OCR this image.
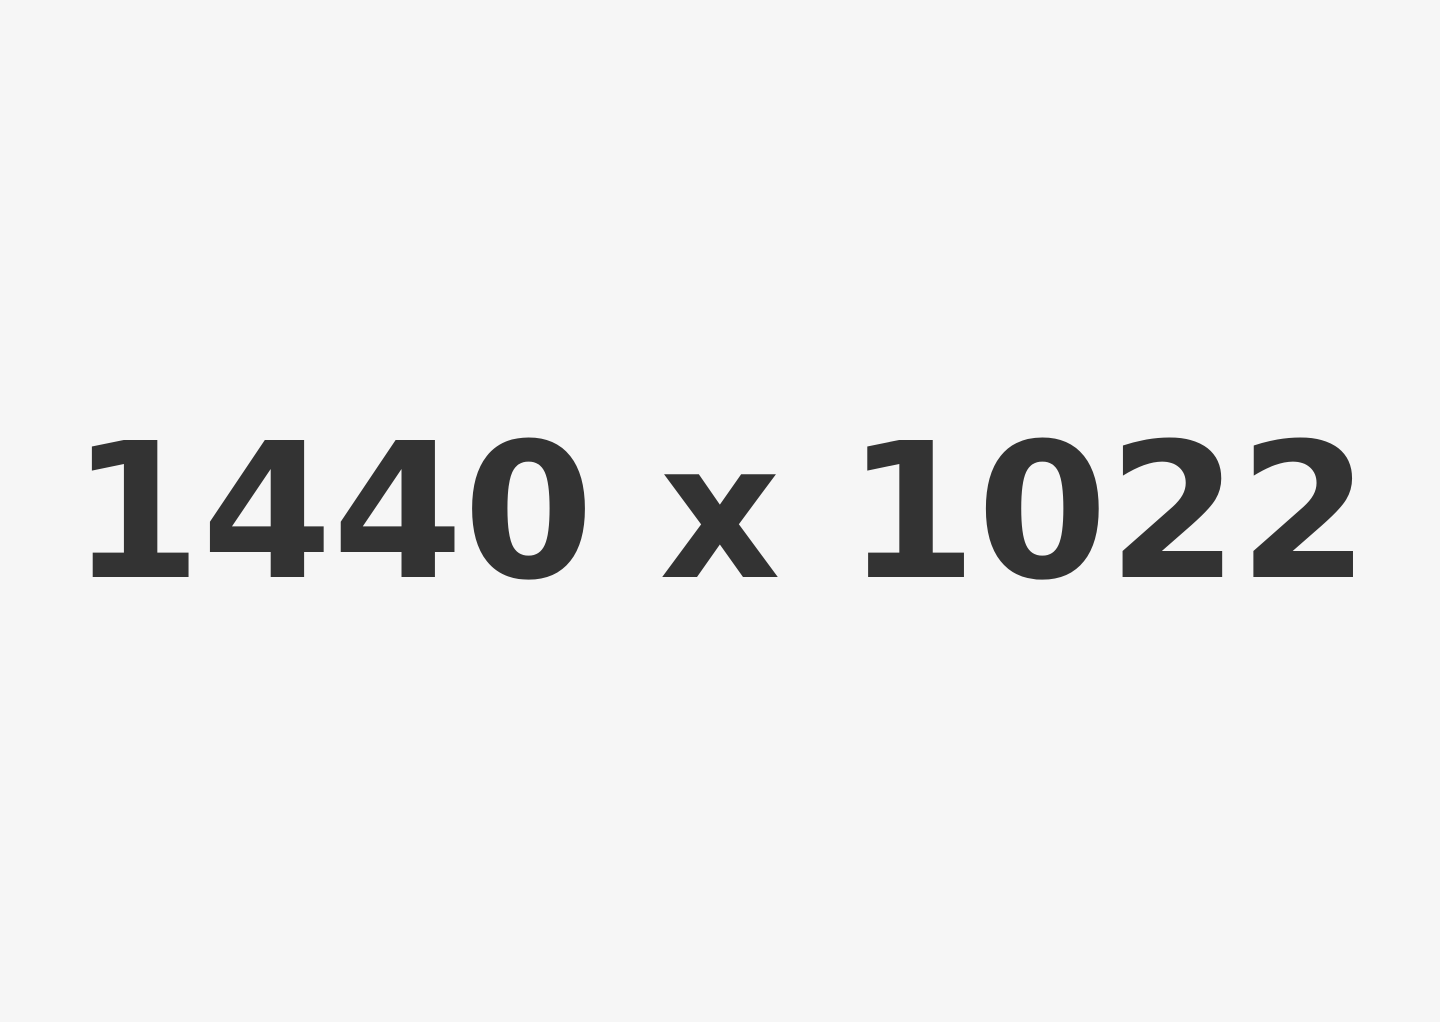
1440 x 1022
